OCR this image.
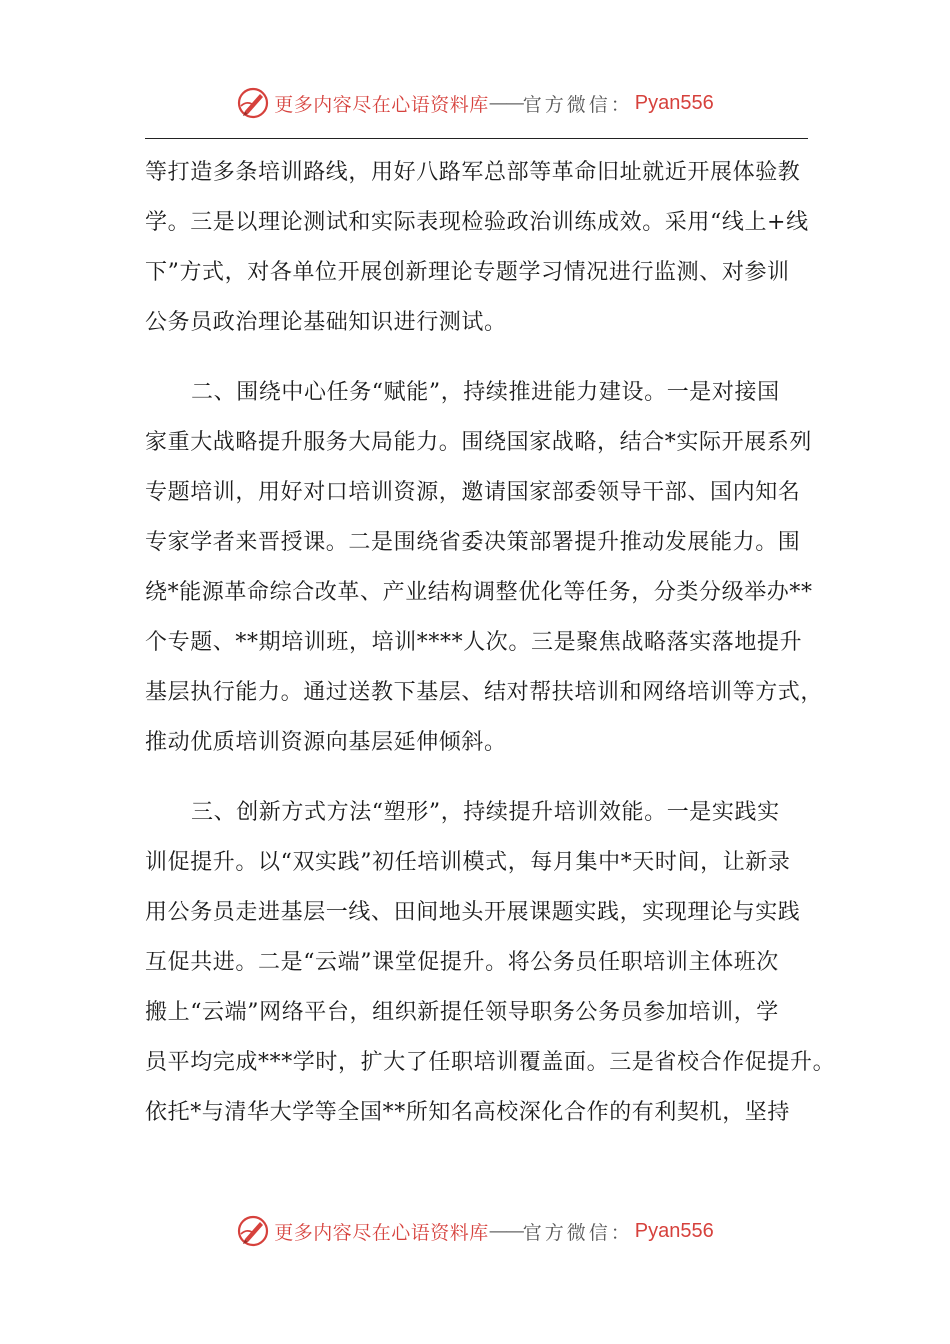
更多内容尽在心语资料库 —— 官方微信： Pyan556
等打造多条培训路线，用好八路军总部等革命旧址就近开展体验教
学。三是以理论测试和实际表现检验政治训练成效。采用“线上+线
下”方式，对各单位开展创新理论专题学习情况进行监测、对参训
公务员政治理论基础知识进行测试。
二、围绕中心任务“赋能”，持续推进能力建设。一是对接国
家重大战略提升服务大局能力。围绕国家战略，结合*实际开展系列
专题培训，用好对口培训资源，邀请国家部委领导干部、国内知名
专家学者来晋授课。二是围绕省委决策部署提升推动发展能力。围
绕*能源革命综合改革、产业结构调整优化等任务，分类分级举办**
个专题、**期培训班，培训****人次。三是聚焦战略落实落地提升
基层执行能力。通过送教下基层、结对帮扶培训和网络培训等方式，
推动优质培训资源向基层延伸倾斜。
三、创新方式方法“塑形”，持续提升培训效能。一是实践实
训促提升。以“双实践”初任培训模式，每月集中*天时间，让新录
用公务员走进基层一线、田间地头开展课题实践，实现理论与实践
互促共进。二是“云端”课堂促提升。将公务员任职培训主体班次
搬上“云端”网络平台，组织新提任领导职务公务员参加培训，学
员平均完成***学时，扩大了任职培训覆盖面。三是省校合作促提升。
依托*与清华大学等全国**所知名高校深化合作的有利契机，坚持
更多内容尽在心语资料库 —— 官方微信： Pyan556
